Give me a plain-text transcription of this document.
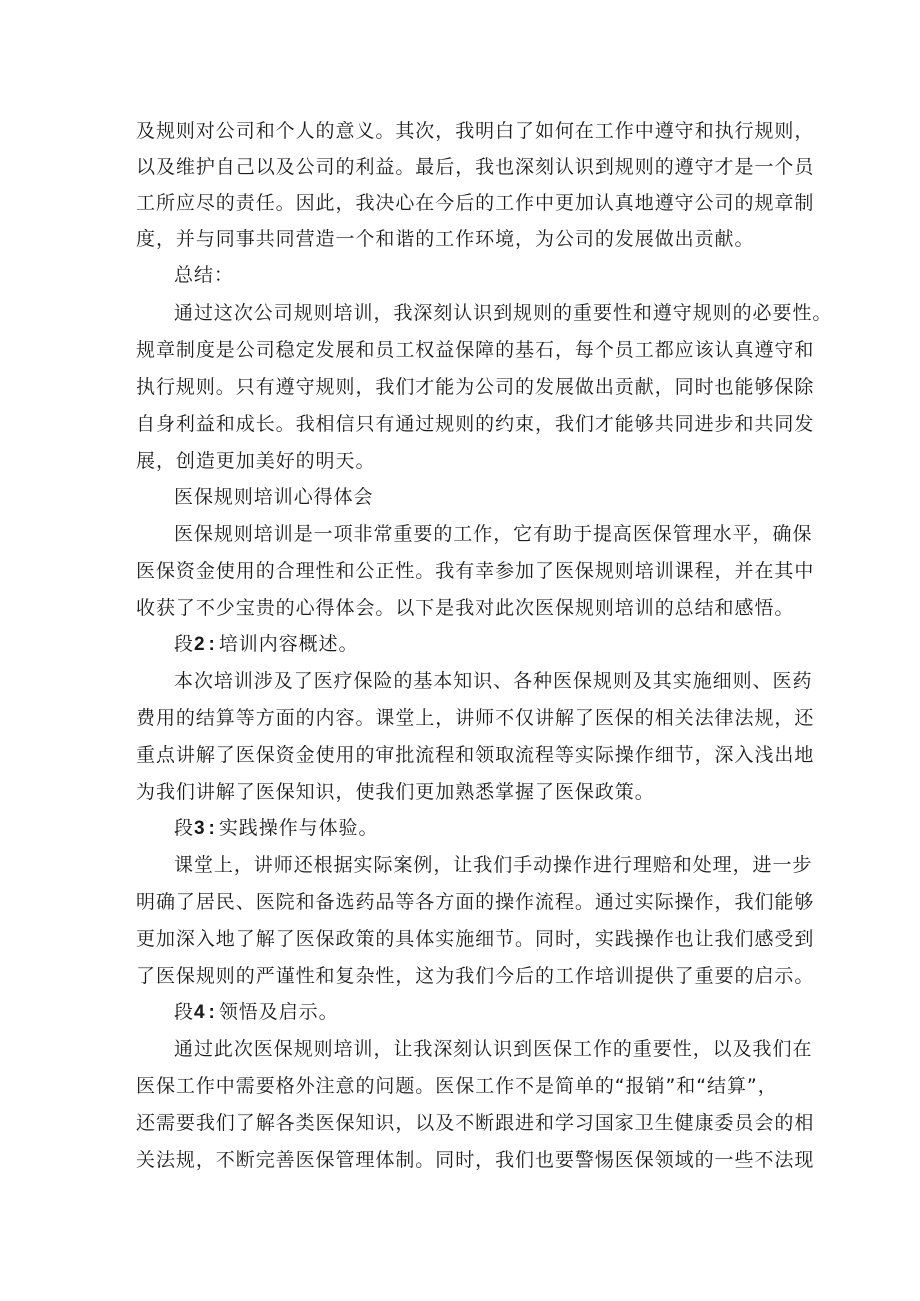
及规则对公司和个人的意义。其次，我明白了如何在工作中遵守和执行规则，
以及维护自己以及公司的利益。最后，我也深刻认识到规则的遵守才是一个员
工所应尽的责任。因此，我决心在今后的工作中更加认真地遵守公司的规章制
度，并与同事共同营造一个和谐的工作环境，为公司的发展做出贡献。
总结：
通过这次公司规则培训，我深刻认识到规则的重要性和遵守规则的必要性。
规章制度是公司稳定发展和员工权益保障的基石，每个员工都应该认真遵守和
执行规则。只有遵守规则，我们才能为公司的发展做出贡献，同时也能够保除
自身利益和成长。我相信只有通过规则的约束，我们才能够共同进步和共同发
展，创造更加美好的明天。
医保规则培训心得体会
医保规则培训是一项非常重要的工作，它有助于提高医保管理水平，确保
医保资金使用的合理性和公正性。我有幸参加了医保规则培训课程，并在其中
收获了不少宝贵的心得体会。以下是我对此次医保规则培训的总结和感悟。
段2 : 培训内容概述。
本次培训涉及了医疗保险的基本知识、各种医保规则及其实施细则、医药
费用的结算等方面的内容。课堂上，讲师不仅讲解了医保的相关法律法规，还
重点讲解了医保资金使用的审批流程和领取流程等实际操作细节，深入浅出地
为我们讲解了医保知识，使我们更加熟悉掌握了医保政策。
段3 : 实践操作与体验。
课堂上，讲师还根据实际案例，让我们手动操作进行理赔和处理，进一步
明确了居民、医院和备选药品等各方面的操作流程。通过实际操作，我们能够
更加深入地了解了医保政策的具体实施细节。同时，实践操作也让我们感受到
了医保规则的严谨性和复杂性，这为我们今后的工作培训提供了重要的启示。
段4 : 领悟及启示。
通过此次医保规则培训，让我深刻认识到医保工作的重要性，以及我们在
医保工作中需要格外注意的问题。医保工作不是简单的“报销”和“结算”，
还需要我们了解各类医保知识，以及不断跟进和学习国家卫生健康委员会的相
关法规，不断完善医保管理体制。同时，我们也要警惕医保领域的一些不法现
